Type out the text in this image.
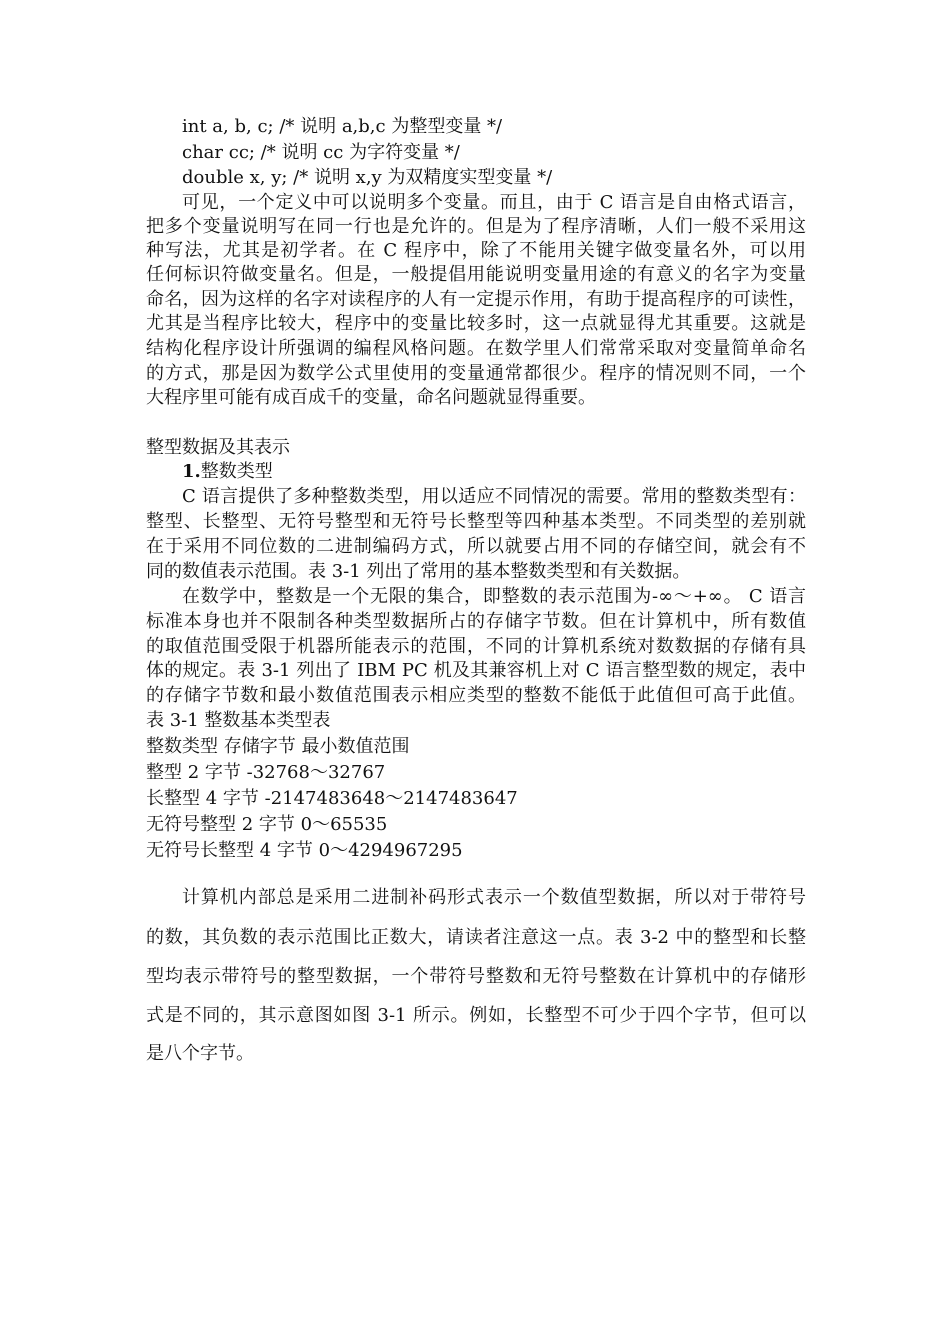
int a, b, c; /* 说明 a,b,c 为整型变量 */
char cc; /* 说明 cc 为字符变量 */
double x, y; /* 说明 x,y 为双精度实型变量 */
可见，一个定义中可以说明多个变量。而且，由于 C 语言是自由格式语言，
把多个变量说明写在同一行也是允许的。但是为了程序清晰，人们一般不采用这
种写法，尤其是初学者。在 C 程序中，除了不能用关键字做变量名外，可以用
任何标识符做变量名。但是，一般提倡用能说明变量用途的有意义的名字为变量
命名，因为这样的名字对读程序的人有一定提示作用，有助于提高程序的可读性，
尤其是当程序比较大，程序中的变量比较多时，这一点就显得尤其重要。这就是
结构化程序设计所强调的编程风格问题。在数学里人们常常采取对变量简单命名
的方式，那是因为数学公式里使用的变量通常都很少。程序的情况则不同，一个
大程序里可能有成百成千的变量，命名问题就显得重要。
整型数据及其表示
1.整数类型
C 语言提供了多种整数类型，用以适应不同情况的需要。常用的整数类型有：
整型、长整型、无符号整型和无符号长整型等四种基本类型。不同类型的差别就
在于采用不同位数的二进制编码方式，所以就要占用不同的存储空间，就会有不
同的数值表示范围。表 3-1 列出了常用的基本整数类型和有关数据。
在数学中，整数是一个无限的集合，即整数的表示范围为-∞～+∞。 C 语言
标准本身也并不限制各种类型数据所占的存储字节数。但在计算机中，所有数值
的取值范围受限于机器所能表示的范围，不同的计算机系统对数数据的存储有具
体的规定。表 3-1 列出了 IBM PC 机及其兼容机上对 C 语言整型数的规定，表中
的存储字节数和最小数值范围表示相应类型的整数不能低于此值但可高于此值。
表 3-1 整数基本类型表
整数类型 存储字节 最小数值范围
整型 2 字节 -32768～32767
长整型 4 字节 -2147483648～2147483647
无符号整型 2 字节 0～65535
无符号长整型 4 字节 0～4294967295
计算机内部总是采用二进制补码形式表示一个数值型数据，所以对于带符号
的数，其负数的表示范围比正数大，请读者注意这一点。表 3-2 中的整型和长整
型均表示带符号的整型数据，一个带符号整数和无符号整数在计算机中的存储形
式是不同的，其示意图如图 3-1 所示。例如，长整型不可少于四个字节，但可以
是八个字节。
